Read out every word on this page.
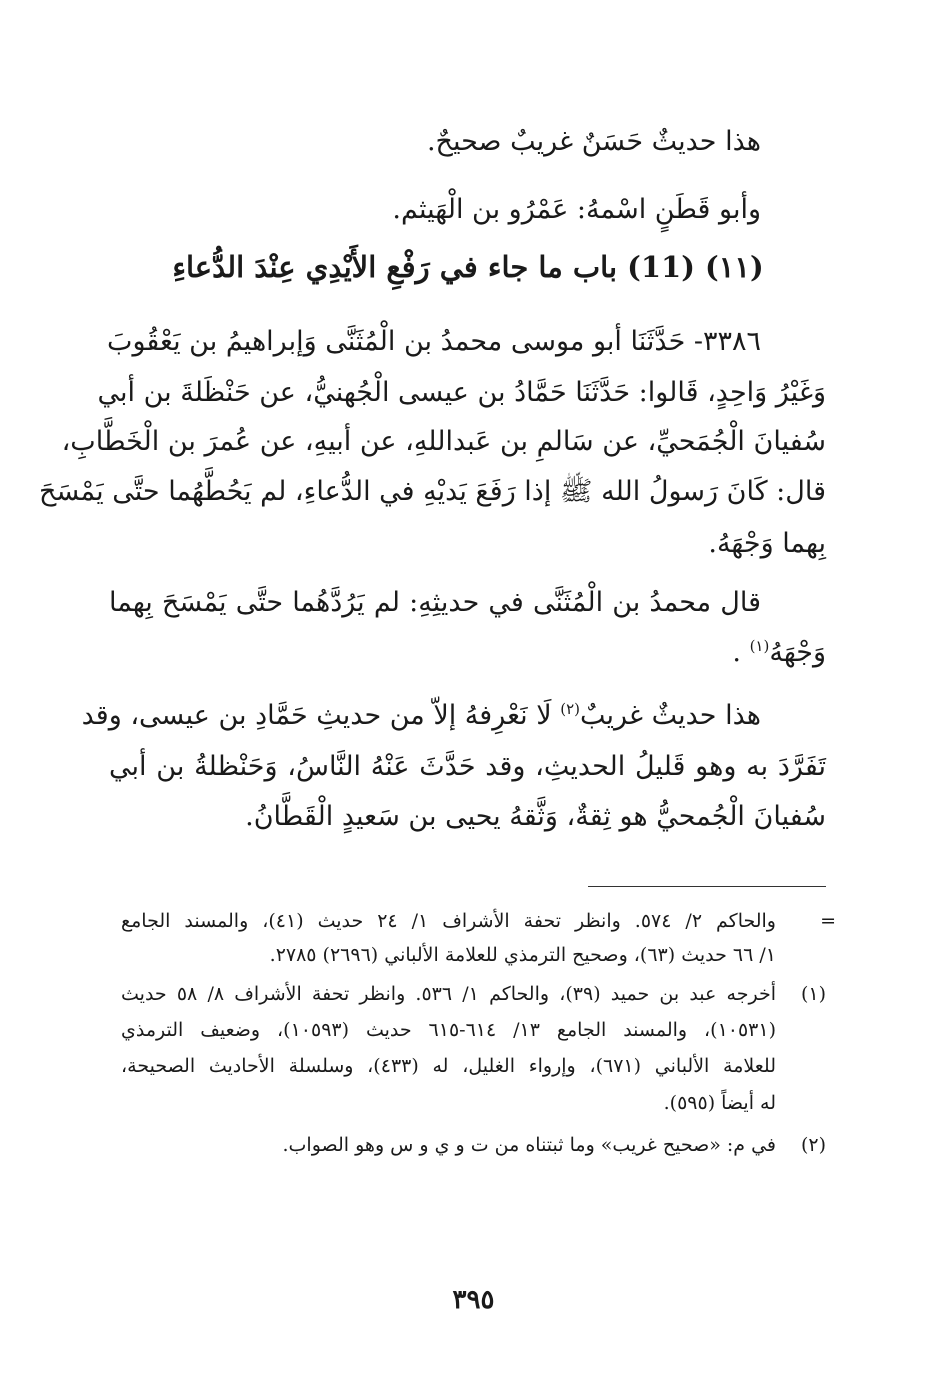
هذا حديثٌ حَسَنٌ غريبٌ صحيحٌ.
وأبو قَطَنٍ اسْمهُ: عَمْرُو بن الْهَيثم.
(١١) (11) باب ما جاء في رَفْعِ الأَيْدِي عِنْدَ الدُّعاءِ
٣٣٨٦- حَدَّثَنَا أبو موسى محمدُ بن الْمُثَنَّى وَإبراهيمُ بن يَعْقُوبَ
وَغَيْرُ وَاحِدٍ، قَالوا: حَدَّثَنَا حَمَّادُ بن عيسى الْجُهنيُّ، عن حَنْظَلةَ بن أبي
سُفيانَ الْجُمَحيِّ، عن سَالمِ بن عَبداللهِ، عن أبيهِ، عن عُمرَ بن الْخَطَّابِ،
قال: كَانَ رَسولُ الله ﷺ إذا رَفَعَ يَديْهِ في الدُّعاءِ، لم يَحُطَّهُما حتَّى يَمْسَحَ
بِهما وَجْهَهُ.
قال محمدُ بن الْمُثَنَّى في حديثِهِ: لم يَرُدَّهُما حتَّى يَمْسَحَ بِهما
وَجْهَهُ$^{(١)}$ .
هذا حديثٌ غريبٌ$^{(٢)}$ لَا نَعْرِفهُ إلاّ من حديثِ حَمَّادِ بن عيسى، وقد
تَفَرَّدَ به وهو قَليلُ الحديثِ، وقد حَدَّثَ عَنْهُ النَّاسُ، وَحَنْظلةُ بن أبي
سُفيانَ الْجُمحيُّ هو ثِقةٌ، وَثَّقهُ يحيى بن سَعيدٍ الْقَطَّانُ.
=
والحاكم ٢/ ٥٧٤. وانظر تحفة الأشراف ١/ ٢٤ حديث (٤١)، والمسند الجامع
١/ ٦٦ حديث (٦٣)، وصحيح الترمذي للعلامة الألباني (٢٦٩٦) ٢٧٨٥.
(١)
أخرجه عبد بن حميد (٣٩)، والحاكم ١/ ٥٣٦. وانظر تحفة الأشراف ٨/ ٥٨ حديث
(١٠٥٣١)، والمسند الجامع ١٣/ ٦١٤-٦١٥ حديث (١٠٥٩٣)، وضعيف الترمذي
للعلامة الألباني (٦٧١)، وإرواء الغليل، له (٤٣٣)، وسلسلة الأحاديث الصحيحة،
له أيضاً (٥٩٥).
(٢)
في م: «صحيح غريب» وما ثبتناه من ت و ي و س وهو الصواب.
٣٩٥
